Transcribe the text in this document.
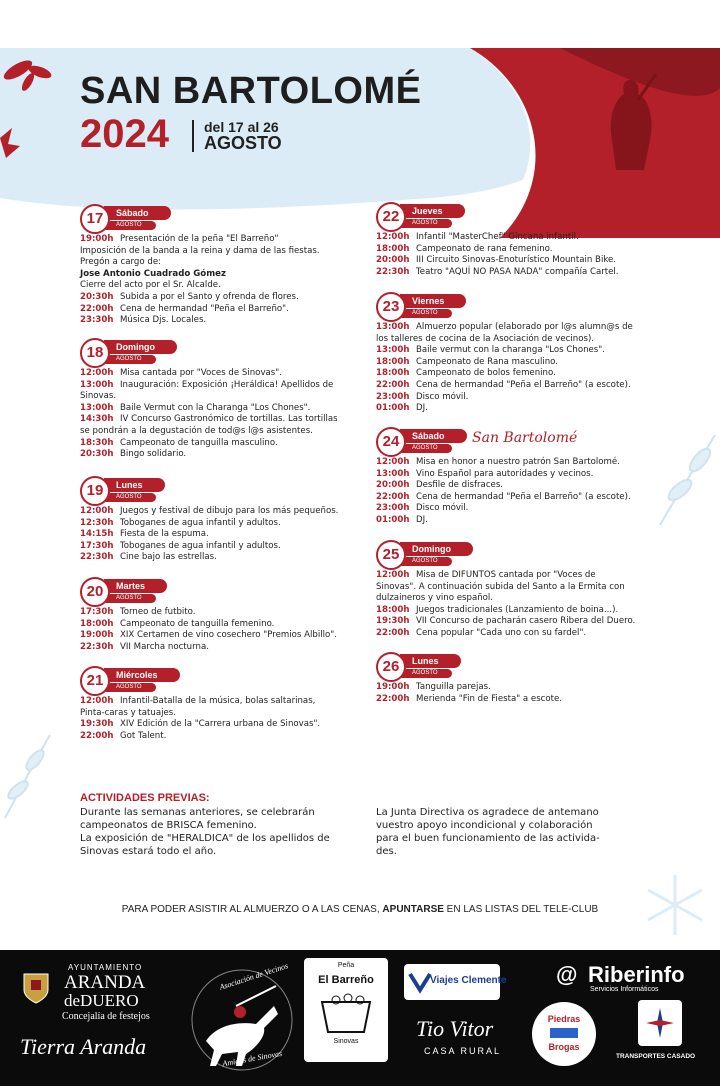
SAN BARTOLOMÉ
2024	del 17 al 26
AGOSTO
17	Sábado
AGOSTO
19:00h Presentación de la peña "El Barreño"
Imposición de la banda a la reina y dama de las fiestas.
Pregón a cargo de:
Jose Antonio Cuadrado Gómez
Cierre del acto por el Sr. Alcalde.
20:30h Subida a por el Santo y ofrenda de flores.
22:00h Cena de hermandad "Peña el Barreño".
23:30h Música Djs. Locales.
18	Domingo
AGOSTO
12:00h Misa cantada por "Voces de Sinovas".
13:00h Inauguración: Exposición ¡Heráldica! Apellidos de
Sinovas.
13:00h Baile Vermut con la Charanga "Los Chones".
14:30h IV Concurso Gastronómico de tortillas. Las tortillas
se pondrán a la degustación de tod@s l@s asistentes.
18:30h Campeonato de tanguilla masculino.
20:30h Bingo solidario.
19	Lunes
AGOSTO
12:00h Juegos y festival de dibujo para los más pequeños.
12:30h Toboganes de agua infantil y adultos.
14:15h Fiesta de la espuma.
17:30h Toboganes de agua infantil y adultos.
22:30h Cine bajo las estrellas.
20	Martes
AGOSTO
17:30h Torneo de futbito.
18:00h Campeonato de tanguilla femenino.
19:00h XIX Certamen de vino cosechero "Premios Albillo".
22:30h VII Marcha nocturna.
21	Miércoles
AGOSTO
12:00h Infantil-Batalla de la música, bolas saltarinas,
Pinta-caras y tatuajes.
19:30h XIV Edición de la "Carrera urbana de Sinovas".
22:00h Got Talent.
22	Jueves
AGOSTO
12:00h Infantil "MasterChef" Gincana infantil.
18:00h Campeonato de rana femenino.
20:00h III Circuito Sinovas-Enoturístico Mountain Bike.
22:30h Teatro "AQUÍ NO PASA NADA" compañía Cartel.
23	Viernes
AGOSTO
13:00h Almuerzo popular (elaborado por l@s alumn@s de
los talleres de cocina de la Asociación de vecinos).
13:00h Baile vermut con la charanga "Los Chones".
18:00h Campeonato de Rana masculino.
18:00h Campeonato de bolos femenino.
22:00h Cena de hermandad "Peña el Barreño" (a escote).
23:00h Disco móvil.
01:00h DJ.
24	Sábado
AGOSTO
12:00h Misa en honor a nuestro patrón San Bartolomé.
13:00h Vino Español para autoridades y vecinos.
20:00h Desfile de disfraces.
22:00h Cena de hermandad "Peña el Barreño" (a escote).
23:00h Disco móvil.
01:00h DJ.
San Bartolomé
25	Domingo
AGOSTO
12:00h Misa de DIFUNTOS cantada por "Voces de
Sinovas". A continuación subida del Santo a la Ermita con
dulzaineros y vino español.
18:00h Juegos tradicionales (Lanzamiento de boina...).
19:30h VII Concurso de pacharán casero Ribera del Duero.
22:00h Cena popular "Cada uno con su fardel".
26	Lunes
AGOSTO
19:00h Tanguilla parejas.
22:00h Merienda "Fin de Fiesta" a escote.
ACTIVIDADES PREVIAS:
Durante las semanas anteriores, se celebrarán
campeonatos de BRISCA femenino.
La exposición de "HERALDICA" de los apellidos de
Sinovas estará todo el año.
La Junta Directiva os agradece de antemano
vuestro apoyo incondicional y colaboración
para el buen funcionamiento de las activida-
des.
PARA PODER ASISTIR AL ALMUERZO O A LAS CENAS, APUNTARSE EN LAS LISTAS DEL TELE-CLUB
AYUNTAMIENTO
ARANDA
deDUERO
Concejalía de festejos
Tierra Aranda
Asociación de Vecinos
Amigos de Sinovas
Peña
El Barreño
Sinovas
Viajes Clemente
Tio Vitor
CASA RURAL
@ Riberinfo
Servicios Informáticos
Piedras
Brogas
TRANSPORTES CASADO
